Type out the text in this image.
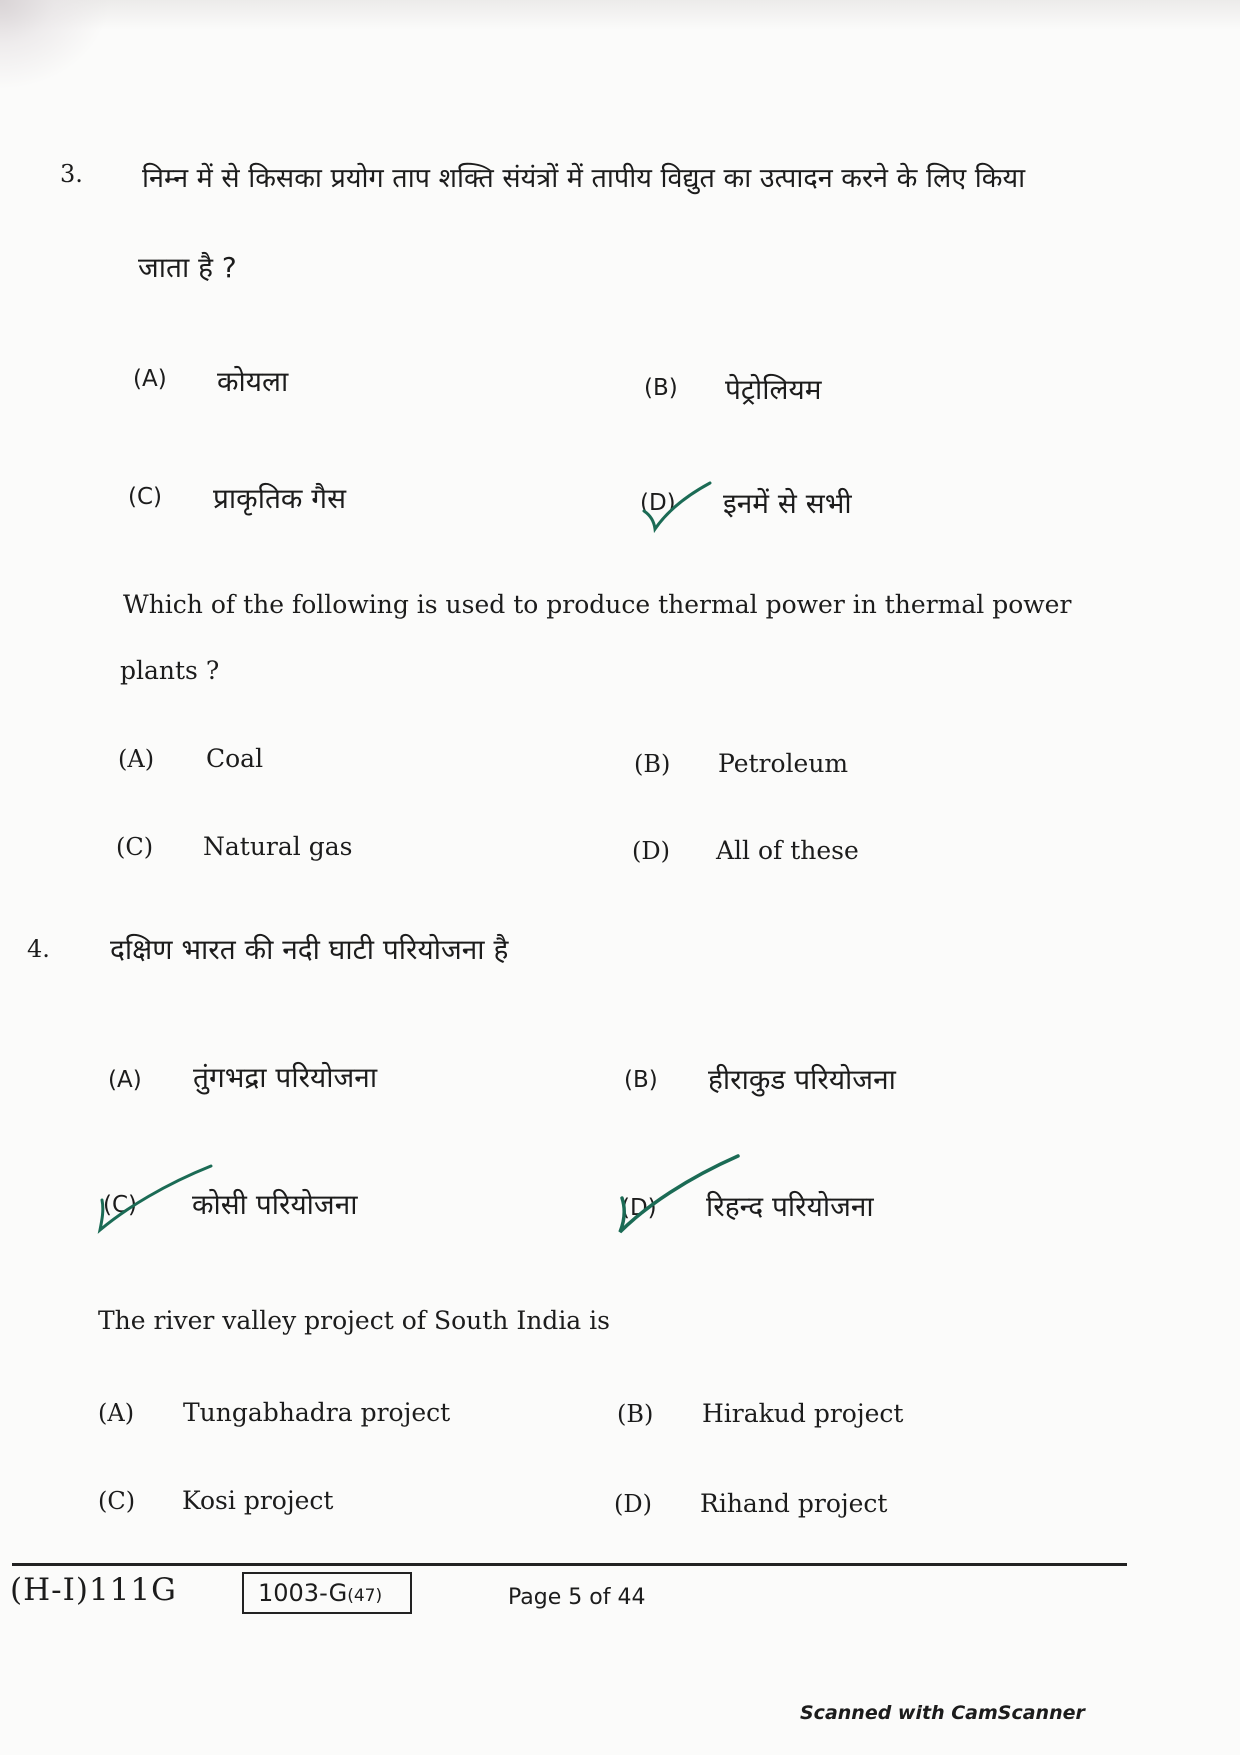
3. निम्न में से किसका प्रयोग ताप शक्ति संयंत्रों में तापीय विद्युत का उत्पादन करने के लिए किया
जाता है ?
(A) कोयला	(B) पेट्रोलियम
(C) प्राकृतिक गैस	(D) इनमें से सभी
Which of the following is used to produce thermal power in thermal power
plants ?
(A) Coal	(B) Petroleum
(C) Natural gas	(D) All of these
4. दक्षिण भारत की नदी घाटी परियोजना है
(A) तुंगभद्रा परियोजना	(B) हीराकुड परियोजना
(C) कोसी परियोजना	(D) रिहन्द परियोजना
The river valley project of South India is
(A) Tungabhadra project	(B) Hirakud project
(C) Kosi project	(D) Rihand project
(H-I)111G	1003-G(47)	Page 5 of 44
Scanned with CamScanner
